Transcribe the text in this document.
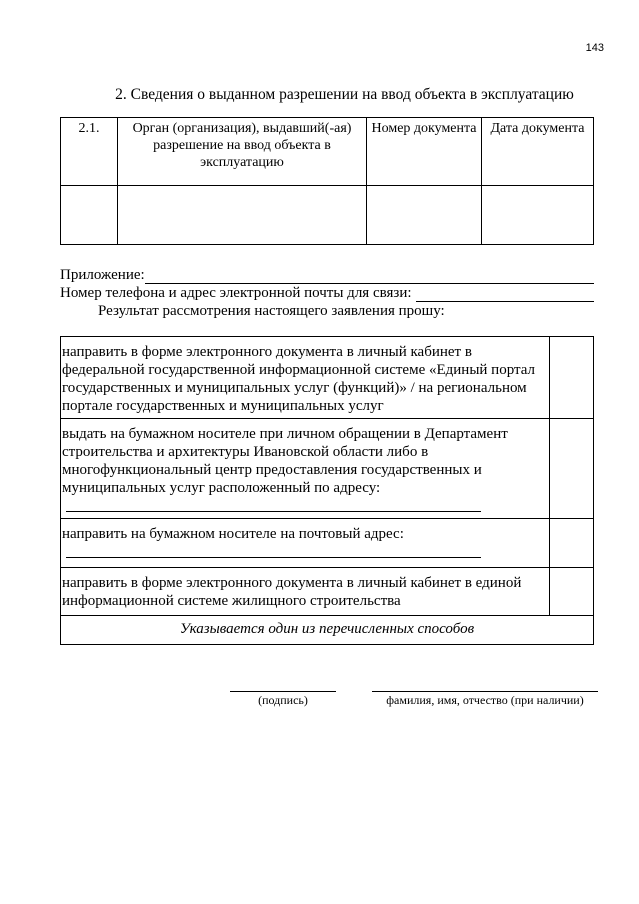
143
2. Сведения о выданном разрешении на ввод объекта в эксплуатацию
2.1.	Орган (организация), выдавший(-ая) разрешение на ввод объекта в эксплуатацию	Номер документа	Дата документа

Приложение:
Номер телефона и адрес электронной почты для связи:
Результат рассмотрения настоящего заявления прошу:
направить в форме электронного документа в личный кабинет в федеральной государственной информационной системе «Единый портал государственных и муниципальных услуг (функций)» / на региональном портале государственных и муниципальных услуг	

выдать на бумажном носителе при личном обращении в Департамент строительства и архитектуры Ивановской области либо в многофункциональный центр предоставления государственных и муниципальных услуг расположенный по адресу:	

направить на бумажном носителе на почтовый адрес:	

направить в форме электронного документа в личный кабинет в единой информационной системе жилищного строительства	
Указывается один из перечисленных способов	
(подпись)	фамилия, имя, отчество (при наличии)
